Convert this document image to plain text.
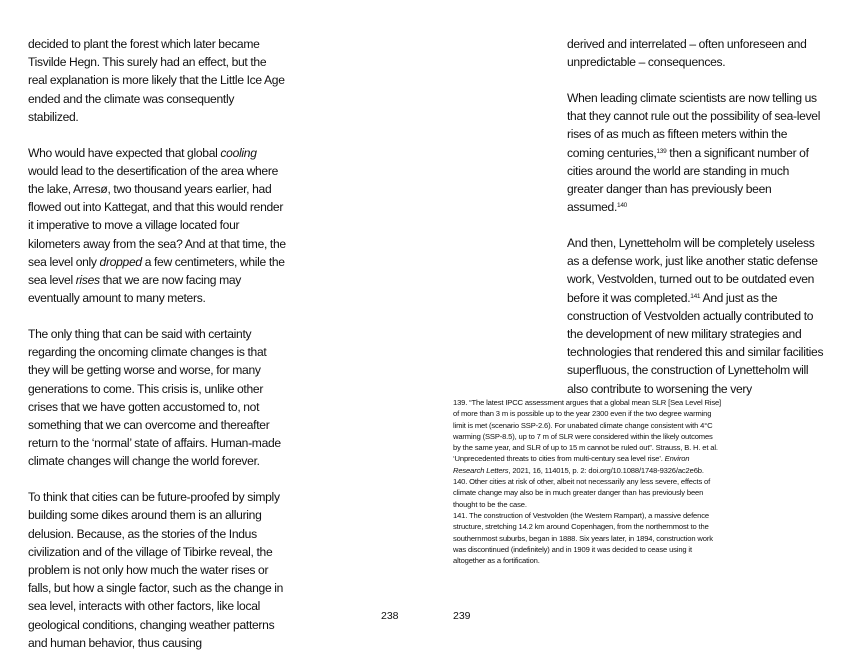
decided to plant the forest which later became Tisvilde Hegn. This surely had an effect, but the real explanation is more likely that the Little Ice Age ended and the climate was consequently stabilized.

Who would have expected that global cooling would lead to the desertification of the area where the lake, Arresø, two thousand years earlier, had flowed out into Kattegat, and that this would render it imperative to move a village located four kilometers away from the sea? And at that time, the sea level only dropped a few centimeters, while the sea level rises that we are now facing may eventually amount to many meters.

The only thing that can be said with certainty regarding the oncoming climate changes is that they will be getting worse and worse, for many generations to come. This crisis is, unlike other crises that we have gotten accustomed to, not something that we can overcome and thereafter return to the ‘normal’ state of affairs. Human-made climate changes will change the world forever.

To think that cities can be future-proofed by simply building some dikes around them is an alluring delusion. Because, as the stories of the Indus civilization and of the village of Tibirke reveal, the problem is not only how much the water rises or falls, but how a single factor, such as the change in sea level, interacts with other factors, like local geological conditions, changing weather patterns and human behavior, thus causing

238

derived and interrelated – often unforeseen and unpredictable – consequences.

When leading climate scientists are now telling us that they cannot rule out the possibility of sea-level rises of as much as fifteen meters within the coming centuries,$^{139}$ then a significant number of cities around the world are standing in much greater danger than has previously been assumed.$^{140}$

And then, Lynetteholm will be completely useless as a defense work, just like another static defense work, Vestvolden, turned out to be outdated even before it was completed.$^{141}$ And just as the construction of Vestvolden actually contributed to the development of new military strategies and technologies that rendered this and similar facilities superfluous, the construction of Lynetteholm will also contribute to worsening the very

139. “The latest IPCC assessment argues that a global mean SLR [Sea Level Rise] of more than 3 m is possible up to the year 2300 even if the two degree warming limit is met (scenario SSP-2.6). For unabated climate change consistent with 4°C warming (SSP-8.5), up to 7 m of SLR were considered within the likely outcomes by the same year, and SLR of up to 15 m cannot be ruled out”. Strauss, B. H. et al. ‘Unprecedented threats to cities from multi-century sea level rise’. Environ Research Letters, 2021, 16, 114015, p. 2: doi.org/10.1088/1748-9326/ac2e6b.

140. Other cities at risk of other, albeit not necessarily any less severe, effects of climate change may also be in much greater danger than has previously been thought to be the case.

141. The construction of Vestvolden (the Western Rampart), a massive defence structure, stretching 14.2 km around Copenhagen, from the northernmost to the southernmost suburbs, began in 1888. Six years later, in 1894, construction work was discontinued (indefinitely) and in 1909 it was decided to cease using it altogether as a fortification.

239
